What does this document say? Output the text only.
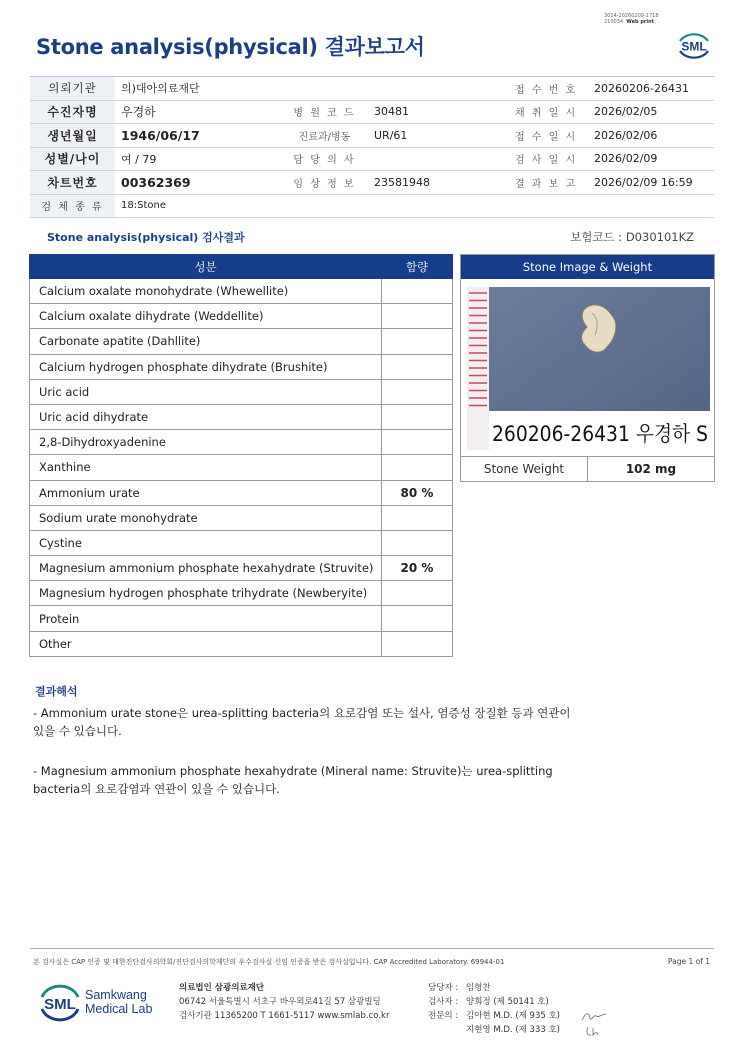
3014-20260209-1718
210034 Web print
Stone analysis(physical) 결과보고서	SML
의뢰기관	의)대아의료재단			접 수 번 호	20260206-26431
수진자명	우경하	병 원 코 드	30481	채 취 일 시	2026/02/05
생년월일	1946/06/17	진료과/병동	UR/61	접 수 일 시	2026/02/06
성별/나이	여 / 79	담 당 의 사		검 사 일 시	2026/02/09
차트번호	00362369	임 상 정 보	23581948	결 과 보 고	2026/02/09 16:59
검 체 종 류	18:Stone				
Stone analysis(physical) 검사결과	보험코드 : D030101KZ
성분	함량
Calcium oxalate monohydrate (Whewellite)	
Calcium oxalate dihydrate (Weddellite)	
Carbonate apatite (Dahllite)	
Calcium hydrogen phosphate dihydrate (Brushite)	
Uric acid	
Uric acid dihydrate	
2,8-Dihydroxyadenine	
Xanthine	
Ammonium urate	80 %
Sodium urate monohydrate	
Cystine	
Magnesium ammonium phosphate hexahydrate (Struvite)	20 %
Magnesium hydrogen phosphate trihydrate (Newberyite)	
Protein	
Other	
Stone Image & Weight
260206-26431 우경하 S
Stone Weight	102 mg
결과해석
- Ammonium urate stone은 urea-splitting bacteria의 요로감염 또는 설사, 염증성 장질환 등과 연관이 있을 수 있습니다.
- Magnesium ammonium phosphate hexahydrate (Mineral name: Struvite)는 urea-splitting bacteria의 요로감염과 연관이 있을 수 있습니다.
본 검사실은 CAP 인증 및 대한진단검사의학회/진단검사의학재단의 우수검사실 신임 인증을 받은 검사실입니다. CAP Accredited Laboratory. 69944-01	Page 1 of 1
SML
Samkwang
Medical Lab
의료법인 삼광의료재단
06742 서울특별시 서초구 바우뫼로41길 57 삼광빌딩
검사기관 11365200 T 1661-5117 www.smlab.co.kr
담당자 : 임형찬
검사자 : 양희정 (제 50141 호)
전문의 : 김아현 M.D. (제 935 호)
지현영 M.D. (제 333 호)
